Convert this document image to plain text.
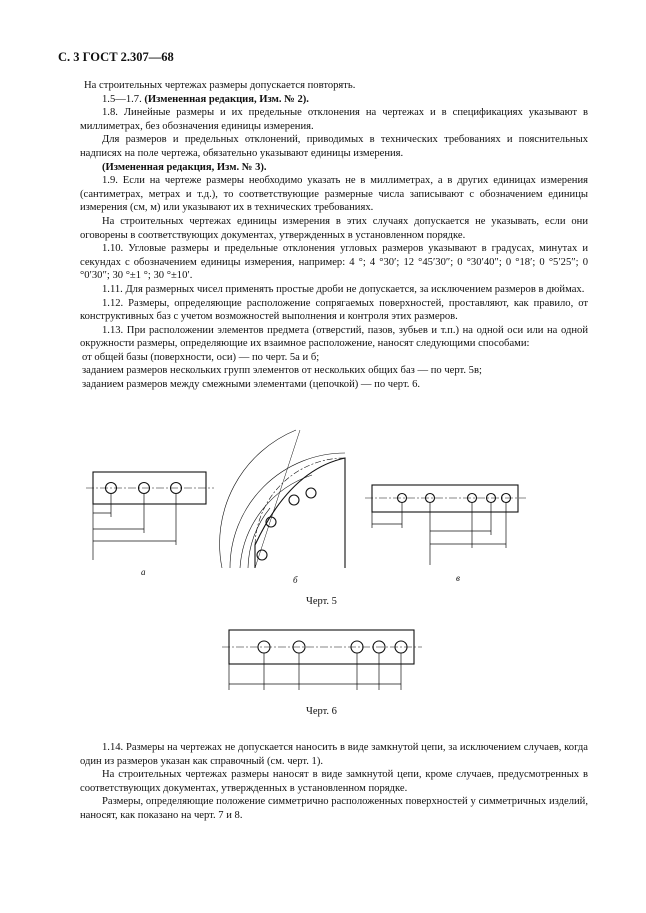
С. 3 ГОСТ 2.307—68

На строительных чертежах размеры допускается повторять.

1.5—1.7. (Измененная редакция, Изм. № 2).

1.8. Линейные размеры и их предельные отклонения на чертежах и в спецификациях указывают в миллиметрах, без обозначения единицы измерения.

Для размеров и предельных отклонений, приводимых в технических требованиях и пояснительных надписях на поле чертежа, обязательно указывают единицы измерения.

(Измененная редакция, Изм. № 3).

1.9. Если на чертеже размеры необходимо указать не в миллиметрах, а в других единицах измерения (сантиметрах, метрах и т.д.), то соответствующие размерные числа записывают с обозначением единицы измерения (см, м) или указывают их в технических требованиях.

На строительных чертежах единицы измерения в этих случаях допускается не указывать, если они оговорены в соответствующих документах, утвержденных в установленном порядке.

1.10. Угловые размеры и предельные отклонения угловых размеров указывают в градусах, минутах и секундах с обозначением единицы измерения, например: 4 °; 4 °30′; 12 °45′30″; 0 °30′40″; 0 °18′; 0 °5′25″; 0 °0′30″; 30 °±1 °; 30 °±10′.

1.11. Для размерных чисел применять простые дроби не допускается, за исключением размеров в дюймах.

1.12. Размеры, определяющие расположение сопрягаемых поверхностей, проставляют, как правило, от конструктивных баз с учетом возможностей выполнения и контроля этих размеров.

1.13. При расположении элементов предмета (отверстий, пазов, зубьев и т.п.) на одной оси или на одной окружности размеры, определяющие их взаимное расположение, наносят следующими способами:

от общей базы (поверхности, оси) — по черт. 5а и б;

заданием размеров нескольких групп элементов от нескольких общих баз — по черт. 5в;

заданием размеров между смежными элементами (цепочкой) — по черт. 6.

а
б	в
Черт. 5
Черт. 6

1.14. Размеры на чертежах не допускается наносить в виде замкнутой цепи, за исключением случаев, когда один из размеров указан как справочный (см. черт. 1).

На строительных чертежах размеры наносят в виде замкнутой цепи, кроме случаев, предусмотренных в соответствующих документах, утвержденных в установленном порядке.

Размеры, определяющие положение симметрично расположенных поверхностей у симметричных изделий, наносят, как показано на черт. 7 и 8.
